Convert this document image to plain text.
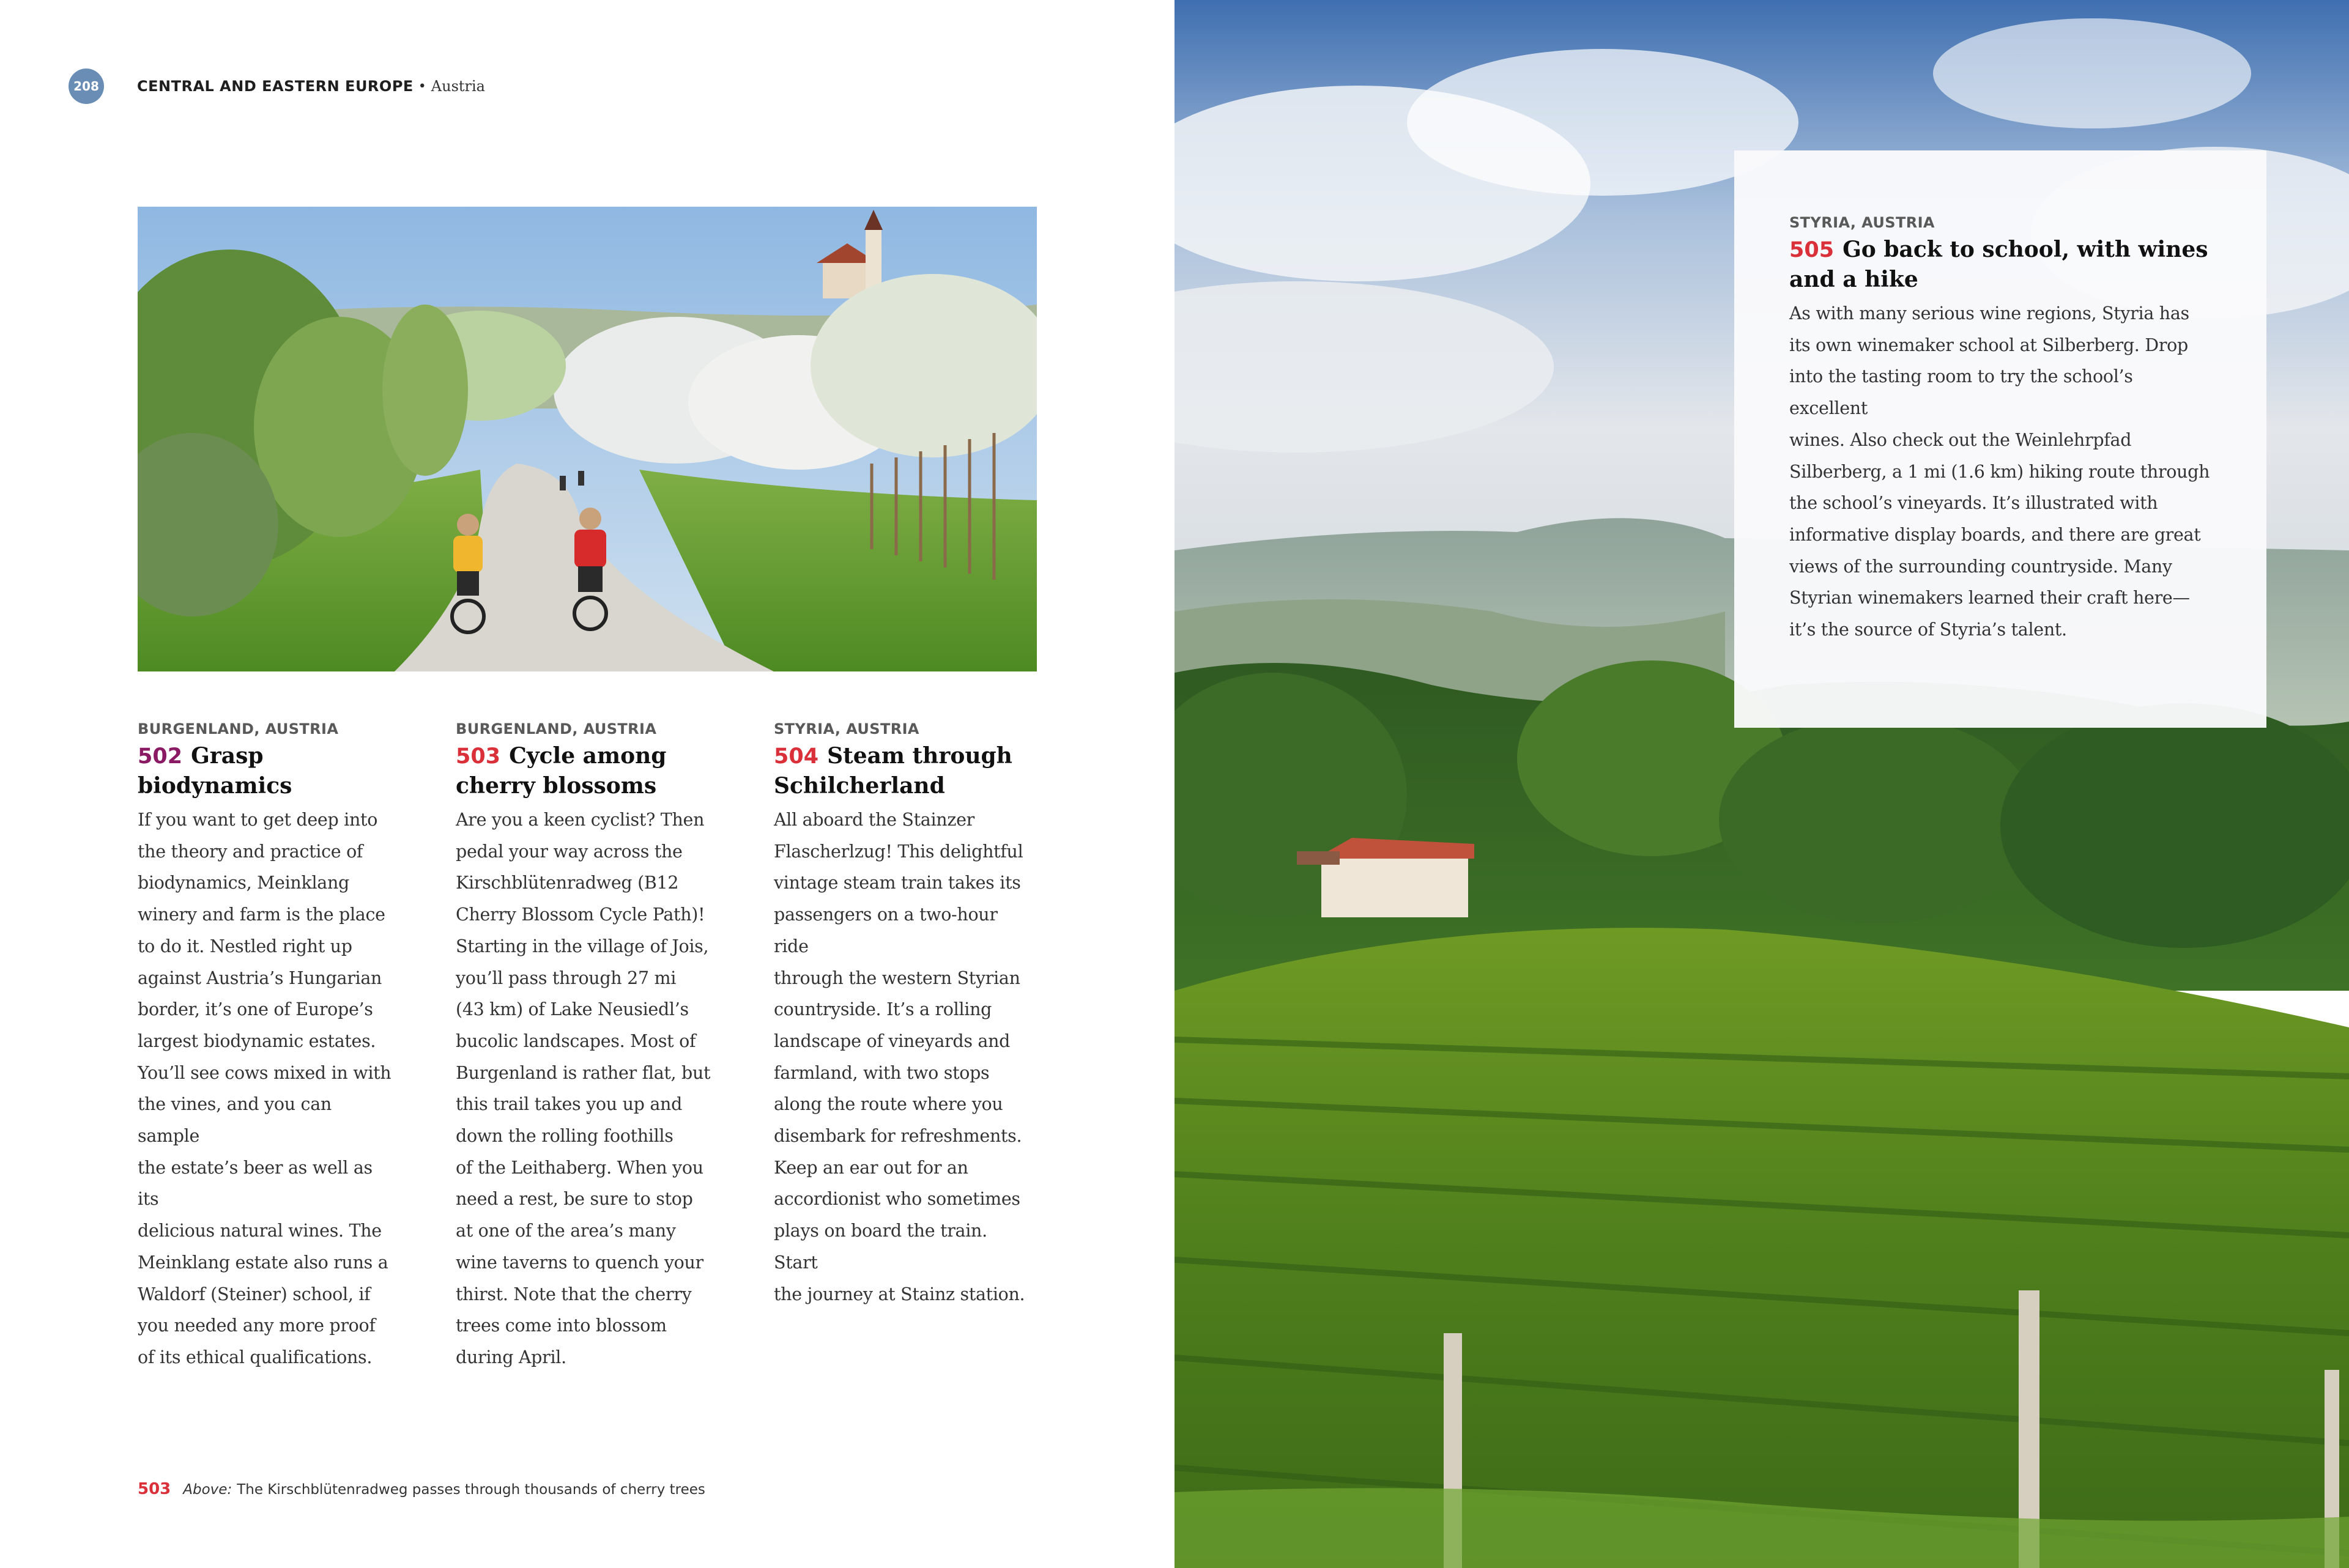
208	CENTRAL AND EASTERN EUROPE • Austria
BURGENLAND, AUSTRIA
502 Grasp biodynamics
If you want to get deep into
the theory and practice of
biodynamics, Meinklang
winery and farm is the place
to do it. Nestled right up
against Austria’s Hungarian
border, it’s one of Europe’s
largest biodynamic estates.
You’ll see cows mixed in with
the vines, and you can sample
the estate’s beer as well as its
delicious natural wines. The
Meinklang estate also runs a
Waldorf (Steiner) school, if
you needed any more proof
of its ethical qualifications.
BURGENLAND, AUSTRIA
503 Cycle among cherry blossoms
Are you a keen cyclist? Then
pedal your way across the
Kirschblütenradweg (B12
Cherry Blossom Cycle Path)!
Starting in the village of Jois,
you’ll pass through 27 mi
(43 km) of Lake Neusiedl’s
bucolic landscapes. Most of
Burgenland is rather flat, but
this trail takes you up and
down the rolling foothills
of the Leithaberg. When you
need a rest, be sure to stop
at one of the area’s many
wine taverns to quench your
thirst. Note that the cherry
trees come into blossom
during April.
STYRIA, AUSTRIA
504 Steam through Schilcherland
All aboard the Stainzer
Flascherlzug! This delightful
vintage steam train takes its
passengers on a two-hour ride
through the western Styrian
countryside. It’s a rolling
landscape of vineyards and
farmland, with two stops
along the route where you
disembark for refreshments.
Keep an ear out for an
accordionist who sometimes
plays on board the train. Start
the journey at Stainz station.
503 Above: The Kirschblütenradweg passes through thousands of cherry trees
STYRIA, AUSTRIA
505 Go back to school, with wines and a hike
As with many serious wine regions, Styria has
its own winemaker school at Silberberg. Drop
into the tasting room to try the school’s excellent
wines. Also check out the Weinlehrpfad
Silberberg, a 1 mi (1.6 km) hiking route through
the school’s vineyards. It’s illustrated with
informative display boards, and there are great
views of the surrounding countryside. Many
Styrian winemakers learned their craft here—
it’s the source of Styria’s talent.
